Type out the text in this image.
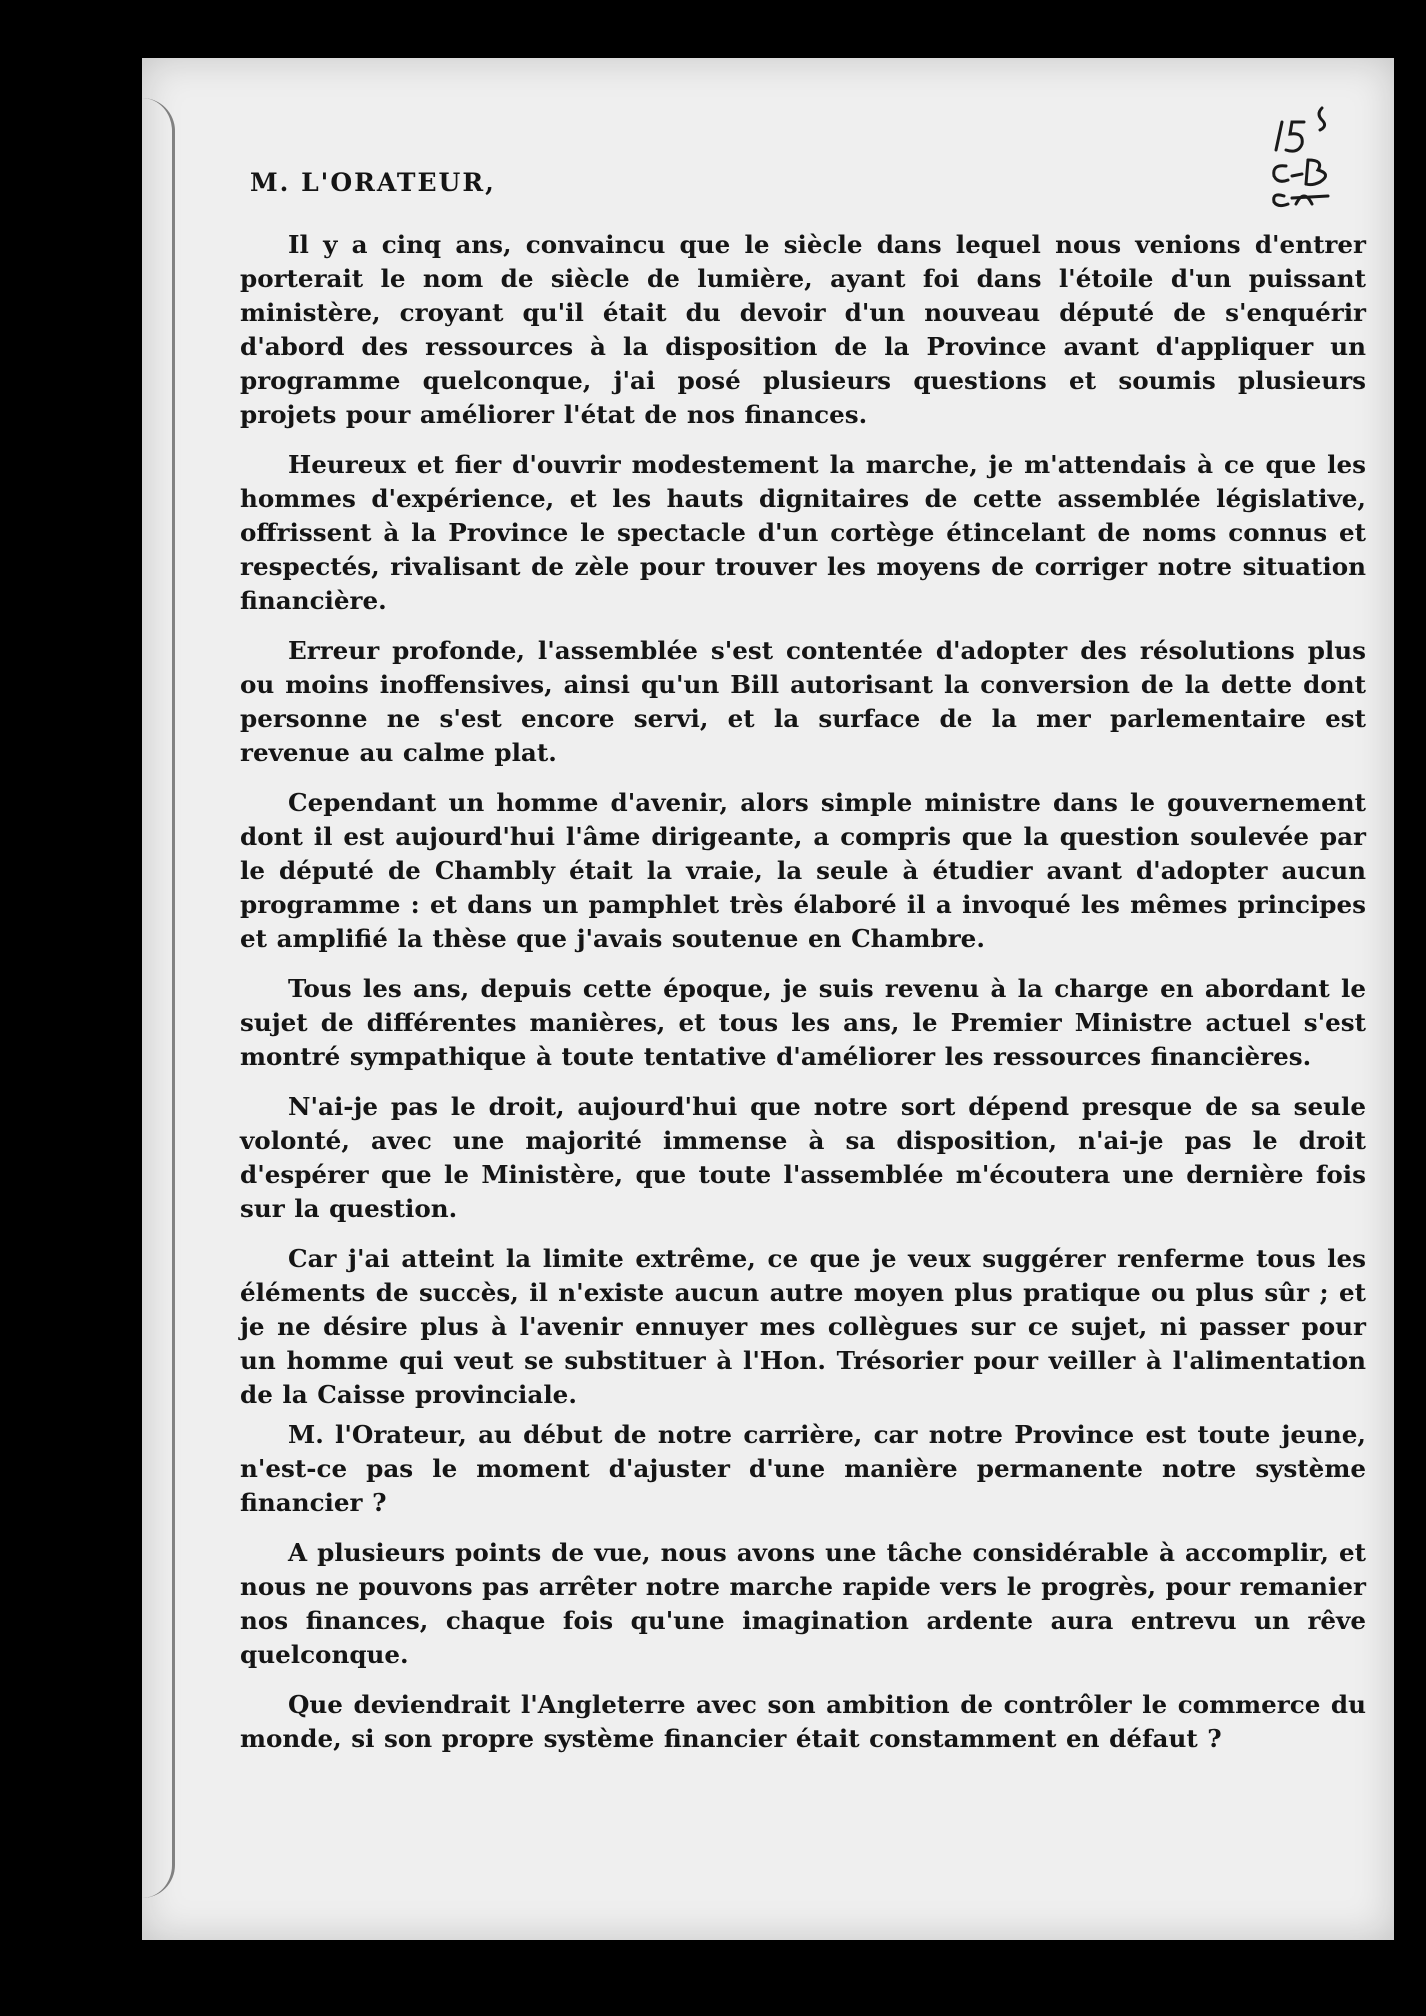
M. L'ORATEUR,

Il y a cinq ans, convaincu que le siècle dans lequel nous venions d'entrer porterait le nom de siècle de lumière, ayant foi dans l'étoile d'un puissant ministère, croyant qu'il était du devoir d'un nouveau député de s'enquérir d'abord des ressources à la disposition de la Province avant d'appliquer un programme quelconque, j'ai posé plusieurs questions et soumis plusieurs projets pour améliorer l'état de nos finances.

Heureux et fier d'ouvrir modestement la marche, je m'attendais à ce que les hommes d'expérience, et les hauts dignitaires de cette assemblée législative, offrissent à la Province le spectacle d'un cortège étincelant de noms connus et respectés, rivalisant de zèle pour trouver les moyens de corriger notre situation financière.

Erreur profonde, l'assemblée s'est contentée d'adopter des résolutions plus ou moins inoffensives, ainsi qu'un Bill autorisant la conversion de la dette dont personne ne s'est encore servi, et la surface de la mer parlementaire est revenue au calme plat.

Cependant un homme d'avenir, alors simple ministre dans le gouvernement dont il est aujourd'hui l'âme dirigeante, a compris que la question soulevée par le député de Chambly était la vraie, la seule à étudier avant d'adopter aucun programme : et dans un pamphlet très élaboré il a invoqué les mêmes principes et amplifié la thèse que j'avais soutenue en Chambre.

Tous les ans, depuis cette époque, je suis revenu à la charge en abordant le sujet de différentes manières, et tous les ans, le Premier Ministre actuel s'est montré sympathique à toute tentative d'améliorer les ressources financières.

N'ai-je pas le droit, aujourd'hui que notre sort dépend presque de sa seule volonté, avec une majorité immense à sa disposition, n'ai-je pas le droit d'espérer que le Ministère, que toute l'assemblée m'écoutera une dernière fois sur la question.

Car j'ai atteint la limite extrême, ce que je veux suggérer renferme tous les éléments de succès, il n'existe aucun autre moyen plus pratique ou plus sûr ; et je ne désire plus à l'avenir ennuyer mes collègues sur ce sujet, ni passer pour un homme qui veut se substituer à l'Hon. Trésorier pour veiller à l'alimentation de la Caisse provinciale.

M. l'Orateur, au début de notre carrière, car notre Province est toute jeune, n'est-ce pas le moment d'ajuster d'une manière permanente notre système financier ?

A plusieurs points de vue, nous avons une tâche considérable à accomplir, et nous ne pouvons pas arrêter notre marche rapide vers le progrès, pour remanier nos finances, chaque fois qu'une imagination ardente aura entrevu un rêve quelconque.

Que deviendrait l'Angleterre avec son ambition de contrôler le commerce du monde, si son propre système financier était constamment en défaut ?
